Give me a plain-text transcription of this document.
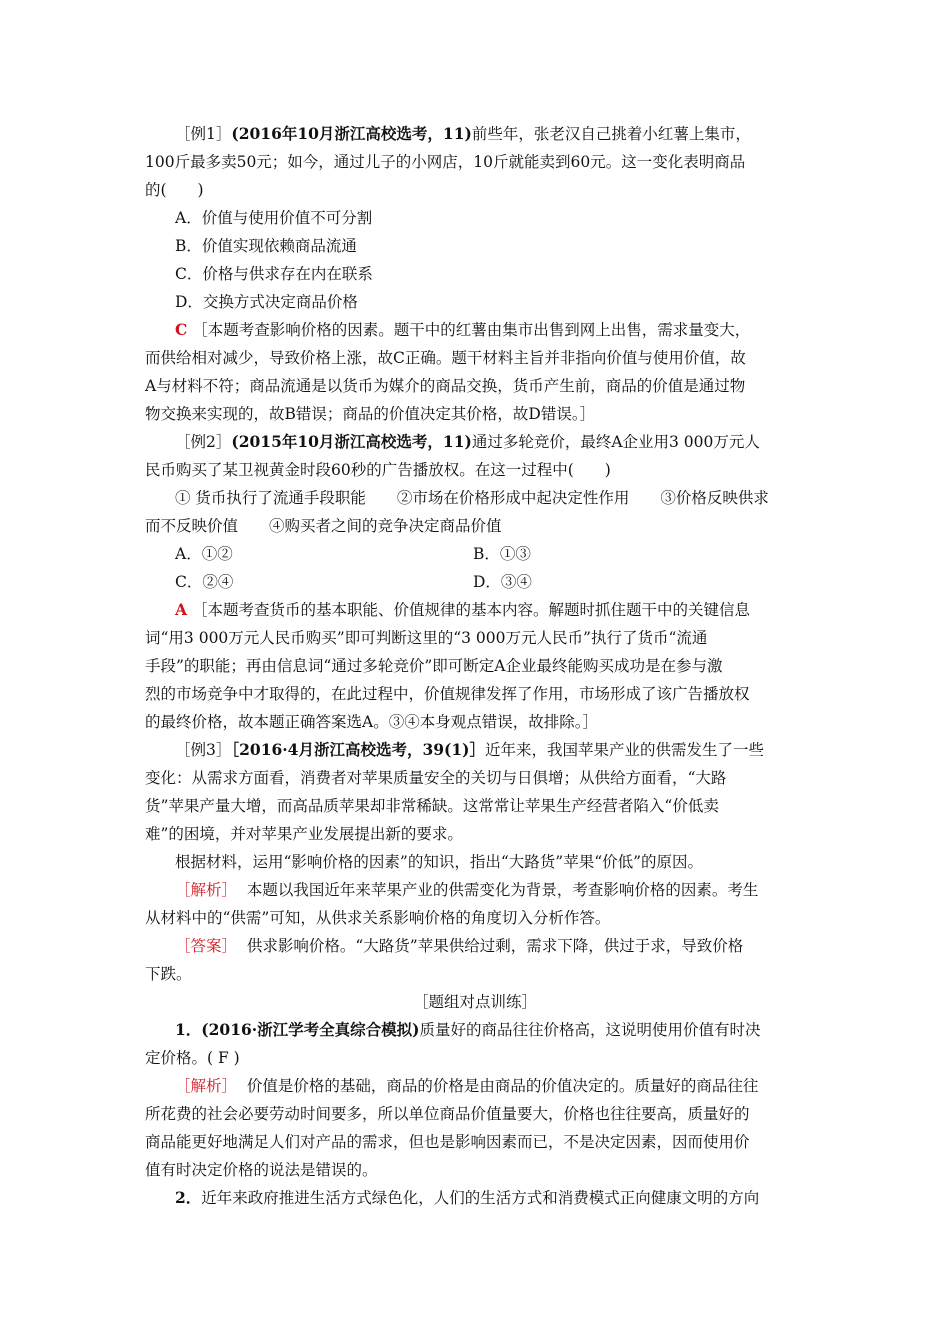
［例1］(2016年10月浙江高校选考，11)前些年，张老汉自己挑着小红薯上集市，
100斤最多卖50元；如今，通过儿子的小网店，10斤就能卖到60元。这一变化表明商品
的(　　)
A．价值与使用价值不可分割
B．价值实现依赖商品流通
C．价格与供求存在内在联系
D．交换方式决定商品价格
C ［本题考查影响价格的因素。题干中的红薯由集市出售到网上出售，需求量变大，
而供给相对减少，导致价格上涨，故C正确。题干材料主旨并非指向价值与使用价值，故
A与材料不符；商品流通是以货币为媒介的商品交换，货币产生前，商品的价值是通过物
物交换来实现的，故B错误；商品的价值决定其价格，故D错误。］
［例2］(2015年10月浙江高校选考，11)通过多轮竞价，最终A企业用3 000万元人
民币购买了某卫视黄金时段60秒的广告播放权。在这一过程中(　　)
① 货币执行了流通手段职能　　②市场在价格形成中起决定性作用　　③价格反映供求
而不反映价值　　④购买者之间的竞争决定商品价值
A．①②	B．①③
C．②④	D．③④
A ［本题考查货币的基本职能、价值规律的基本内容。解题时抓住题干中的关键信息
词“用3 000万元人民币购买”即可判断这里的“3 000万元人民币”执行了货币“流通
手段”的职能；再由信息词“通过多轮竞价”即可断定A企业最终能购买成功是在参与激
烈的市场竞争中才取得的，在此过程中，价值规律发挥了作用，市场形成了该广告播放权
的最终价格，故本题正确答案选A。③④本身观点错误，故排除。］
［例3］［2016·4月浙江高校选考，39(1)］近年来，我国苹果产业的供需发生了一些
变化：从需求方面看，消费者对苹果质量安全的关切与日俱增；从供给方面看，“大路
货”苹果产量大增，而高品质苹果却非常稀缺。这常常让苹果生产经营者陷入“价低卖
难”的困境，并对苹果产业发展提出新的要求。
根据材料，运用“影响价格的因素”的知识，指出“大路货”苹果“价低”的原因。
［解析］ 本题以我国近年来苹果产业的供需变化为背景，考查影响价格的因素。考生
从材料中的“供需”可知，从供求关系影响价格的角度切入分析作答。
［答案］ 供求影响价格。“大路货”苹果供给过剩，需求下降，供过于求，导致价格
下跌。
［题组对点训练］
1．(2016·浙江学考全真综合模拟)质量好的商品往往价格高，这说明使用价值有时决
定价格。( F )
［解析］ 价值是价格的基础，商品的价格是由商品的价值决定的。质量好的商品往往
所花费的社会必要劳动时间要多，所以单位商品价值量要大，价格也往往要高，质量好的
商品能更好地满足人们对产品的需求，但也是影响因素而已，不是决定因素，因而使用价
值有时决定价格的说法是错误的。
2．近年来政府推进生活方式绿色化，人们的生活方式和消费模式正向健康文明的方向
